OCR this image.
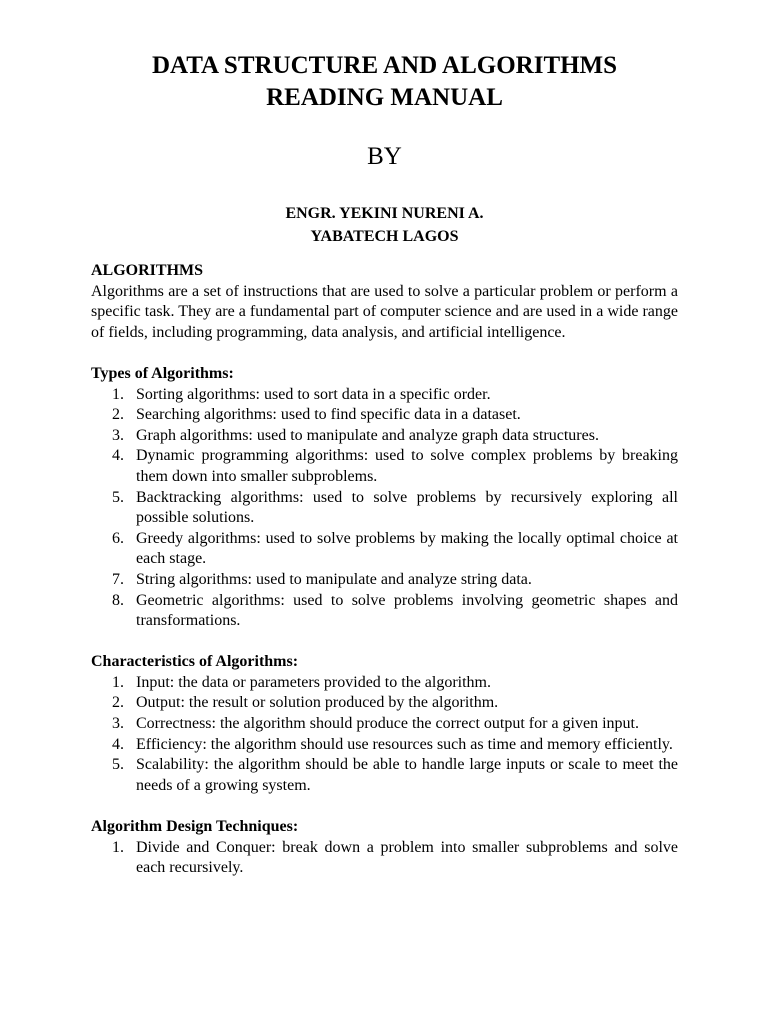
DATA STRUCTURE AND ALGORITHMS
READING MANUAL

BY

ENGR. YEKINI NURENI A.
YABATECH LAGOS
ALGORITHMS

Algorithms are a set of instructions that are used to solve a particular problem or perform a specific task. They are a fundamental part of computer science and are used in a wide range of fields, including programming, data analysis, and artificial intelligence.

Types of Algorithms:
1. Sorting algorithms: used to sort data in a specific order.
2. Searching algorithms: used to find specific data in a dataset.
3. Graph algorithms: used to manipulate and analyze graph data structures.
4. Dynamic programming algorithms: used to solve complex problems by breaking them down into smaller subproblems.
5. Backtracking algorithms: used to solve problems by recursively exploring all possible solutions.
6. Greedy algorithms: used to solve problems by making the locally optimal choice at each stage.
7. String algorithms: used to manipulate and analyze string data.
8. Geometric algorithms: used to solve problems involving geometric shapes and transformations.
Characteristics of Algorithms:
1. Input: the data or parameters provided to the algorithm.
2. Output: the result or solution produced by the algorithm.
3. Correctness: the algorithm should produce the correct output for a given input.
4. Efficiency: the algorithm should use resources such as time and memory efficiently.
5. Scalability: the algorithm should be able to handle large inputs or scale to meet the needs of a growing system.
Algorithm Design Techniques:
1. Divide and Conquer: break down a problem into smaller subproblems and solve each recursively.
